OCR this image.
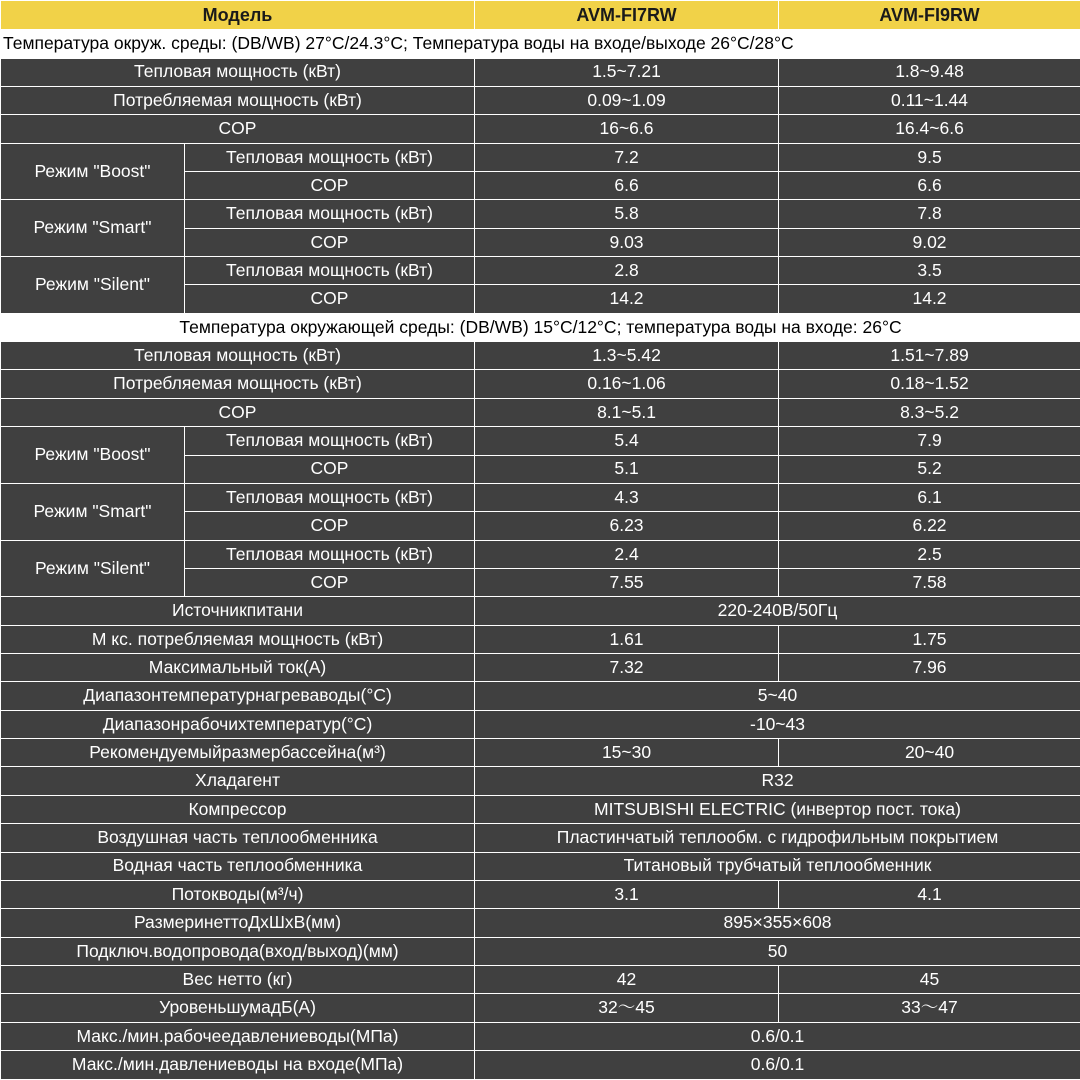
Модель		AVM-FI7RW	AVM-FI9RW
Температура окруж. среды: (DB/WB) 27°C/24.3°C; Температура воды на входе/выходе 26°C/28°C			
Тепловая мощность (кВт)		1.5~7.21	1.8~9.48
Потребляемая мощность (кВт)		0.09~1.09	0.11~1.44
COP		16~6.6	16.4~6.6
Режим "Boost"	Тепловая мощность (кВт)	7.2	9.5
	COP	6.6	6.6
Режим "Smart"	Тепловая мощность (кВт)	5.8	7.8
	COP	9.03	9.02
Режим "Silent"	Тепловая мощность (кВт)	2.8	3.5
	COP	14.2	14.2
Температура окружающей среды: (DB/WB) 15°C/12°C; температура воды на входе: 26°C			
Тепловая мощность (кВт)		1.3~5.42	1.51~7.89
Потребляемая мощность (кВт)		0.16~1.06	0.18~1.52
COP		8.1~5.1	8.3~5.2
Режим "Boost"	Тепловая мощность (кВт)	5.4	7.9
	COP	5.1	5.2
Режим "Smart"	Тепловая мощность (кВт)	4.3	6.1
	COP	6.23	6.22
Режим "Silent"	Тепловая мощность (кВт)	2.4	2.5
	COP	7.55	7.58
Источникпитани		220-240В/50Гц	
М кс. потребляемая мощность (кВт)		1.61	1.75
Максимальный ток(А)		7.32	7.96
Диапазонтемпературнагреваводы(°C)		5~40	
Диапазонрабочихтемператур(°C)		-10~43	
Рекомендуемыйразмербассейна(м³)		15~30	20~40
Хладагент		R32	
Компрессор		MITSUBISHI ELECTRIC (инвертор пост. тока)	
Воздушная часть теплообменника		Пластинчатый теплообм. с гидрофильным покрытием	
Водная часть теплообменника		Титановый трубчатый теплообменник	
Потокводы(м³/ч)		3.1	4.1
РазмеринеттоДхШхВ(мм)		895×355×608	
Подключ.водопровода(вход/выход)(мм)		50	
Вес нетто (кг)		42	45
УровеньшумадБ(А)		32～45	33～47
Макс./мин.рабочеедавлениеводы(МПа)		0.6/0.1	
Макс./мин.давлениеводы на входе(МПа)		0.6/0.1	
